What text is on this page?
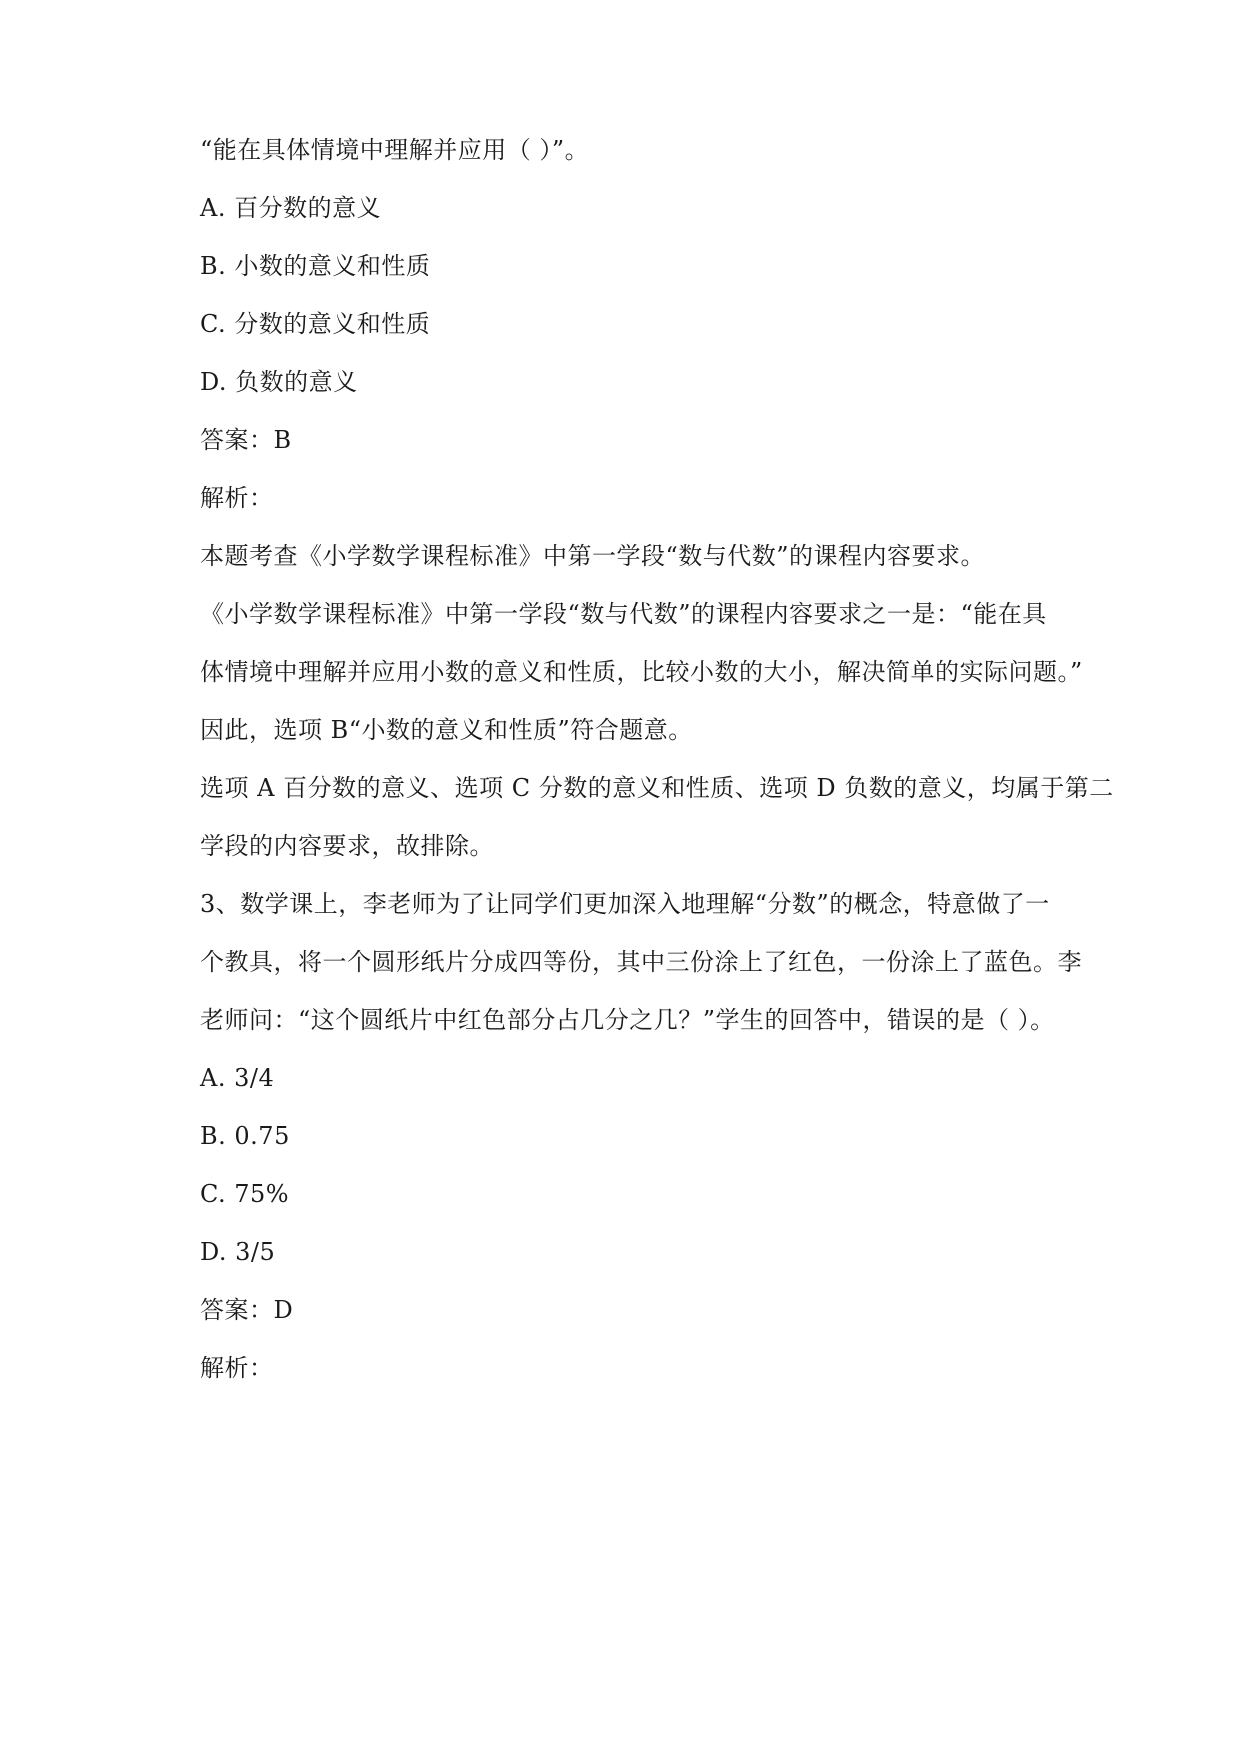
“能在具体情境中理解并应用（ ）”。
A. 百分数的意义
B. 小数的意义和性质
C. 分数的意义和性质
D. 负数的意义
答案：B
解析：
本题考查《小学数学课程标准》中第一学段“数与代数”的课程内容要求。
《小学数学课程标准》中第一学段“数与代数”的课程内容要求之一是：“能在具
体情境中理解并应用小数的意义和性质，比较小数的大小，解决简单的实际问题。”
因此，选项 B“小数的意义和性质”符合题意。
选项 A 百分数的意义、选项 C 分数的意义和性质、选项 D 负数的意义，均属于第二
学段的内容要求，故排除。
3、数学课上，李老师为了让同学们更加深入地理解“分数”的概念，特意做了一
个教具，将一个圆形纸片分成四等份，其中三份涂上了红色，一份涂上了蓝色。李
老师问：“这个圆纸片中红色部分占几分之几？”学生的回答中，错误的是（ ）。
A. 3/4
B. 0.75
C. 75%
D. 3/5
答案：D
解析：
